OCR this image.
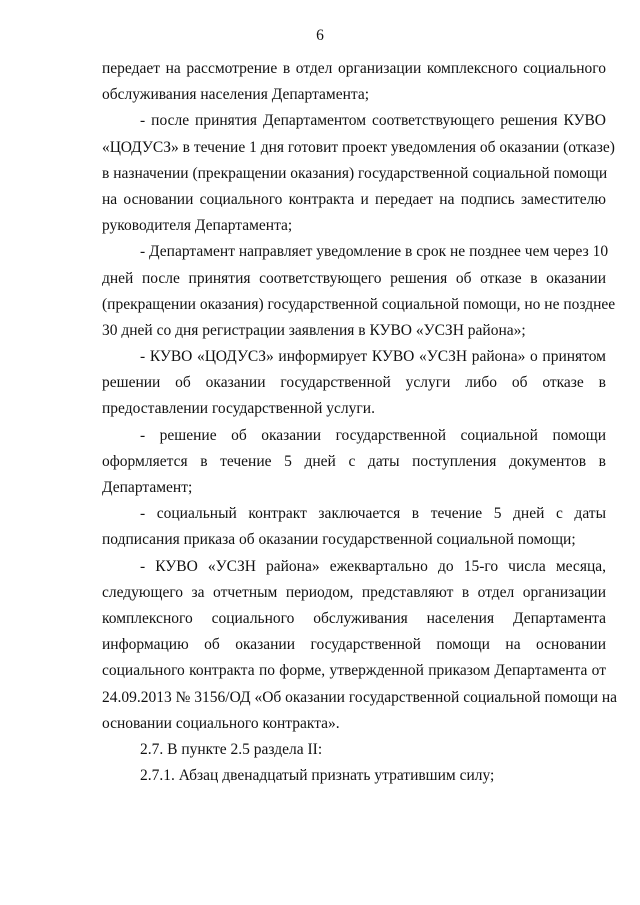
6
передает на рассмотрение в отдел организации комплексного социального
обслуживания населения Департамента;
- после принятия Департаментом соответствующего решения КУВО
«ЦОДУСЗ» в течение 1 дня готовит проект уведомления об оказании (отказе)
в назначении (прекращении оказания) государственной социальной помощи
на основании социального контракта и передает на подпись заместителю
руководителя Департамента;
- Департамент направляет уведомление в срок не позднее чем через 10
дней после принятия соответствующего решения об отказе в оказании
(прекращении оказания) государственной социальной помощи, но не позднее
30 дней со дня регистрации заявления в КУВО «УСЗН района»;
- КУВО «ЦОДУСЗ» информирует КУВО «УСЗН района» о принятом
решении об оказании государственной услуги либо об отказе в
предоставлении государственной услуги.
- решение об оказании государственной социальной помощи
оформляется в течение 5 дней с даты поступления документов в
Департамент;
- социальный контракт заключается в течение 5 дней с даты
подписания приказа об оказании государственной социальной помощи;
- КУВО «УСЗН района» ежеквартально до 15-го числа месяца,
следующего за отчетным периодом, представляют в отдел организации
комплексного социального обслуживания населения Департамента
информацию об оказании государственной помощи на основании
социального контракта по форме, утвержденной приказом Департамента от
24.09.2013 № 3156/ОД «Об оказании государственной социальной помощи на
основании социального контракта».
2.7. В пункте 2.5 раздела II:
2.7.1. Абзац двенадцатый признать утратившим силу;
